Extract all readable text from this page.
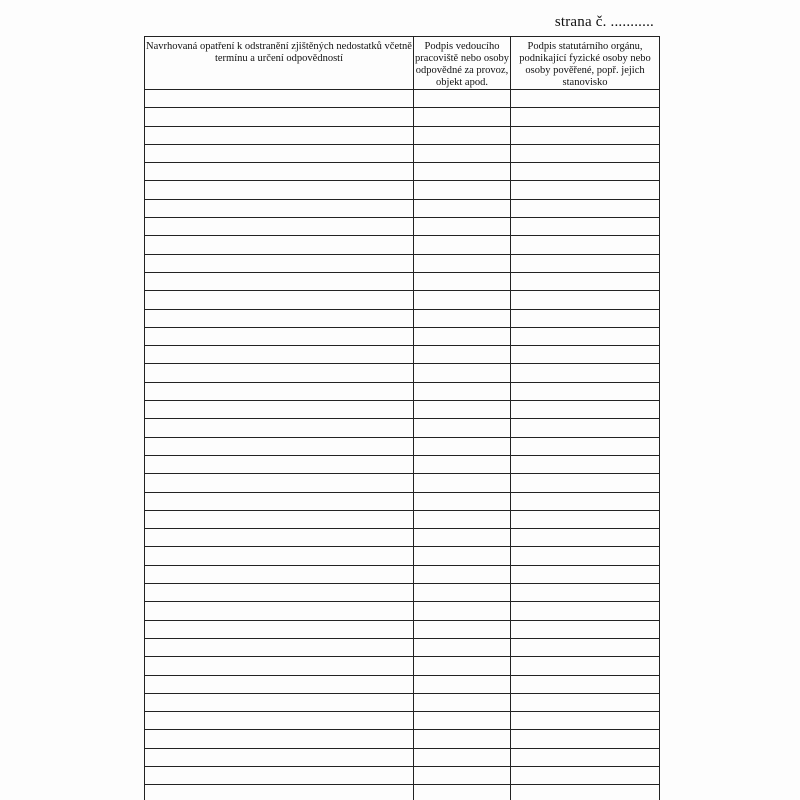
strana č. ...........
Navrhovaná opatření k odstranění zjištěných nedostatků včetně termínu a určení odpovědností	Podpis vedoucího pracoviště nebo osoby odpovědné za provoz, objekt apod.	Podpis statutárního orgánu, podnikající fyzické osoby nebo osoby pověřené, popř. jejich stanovisko
